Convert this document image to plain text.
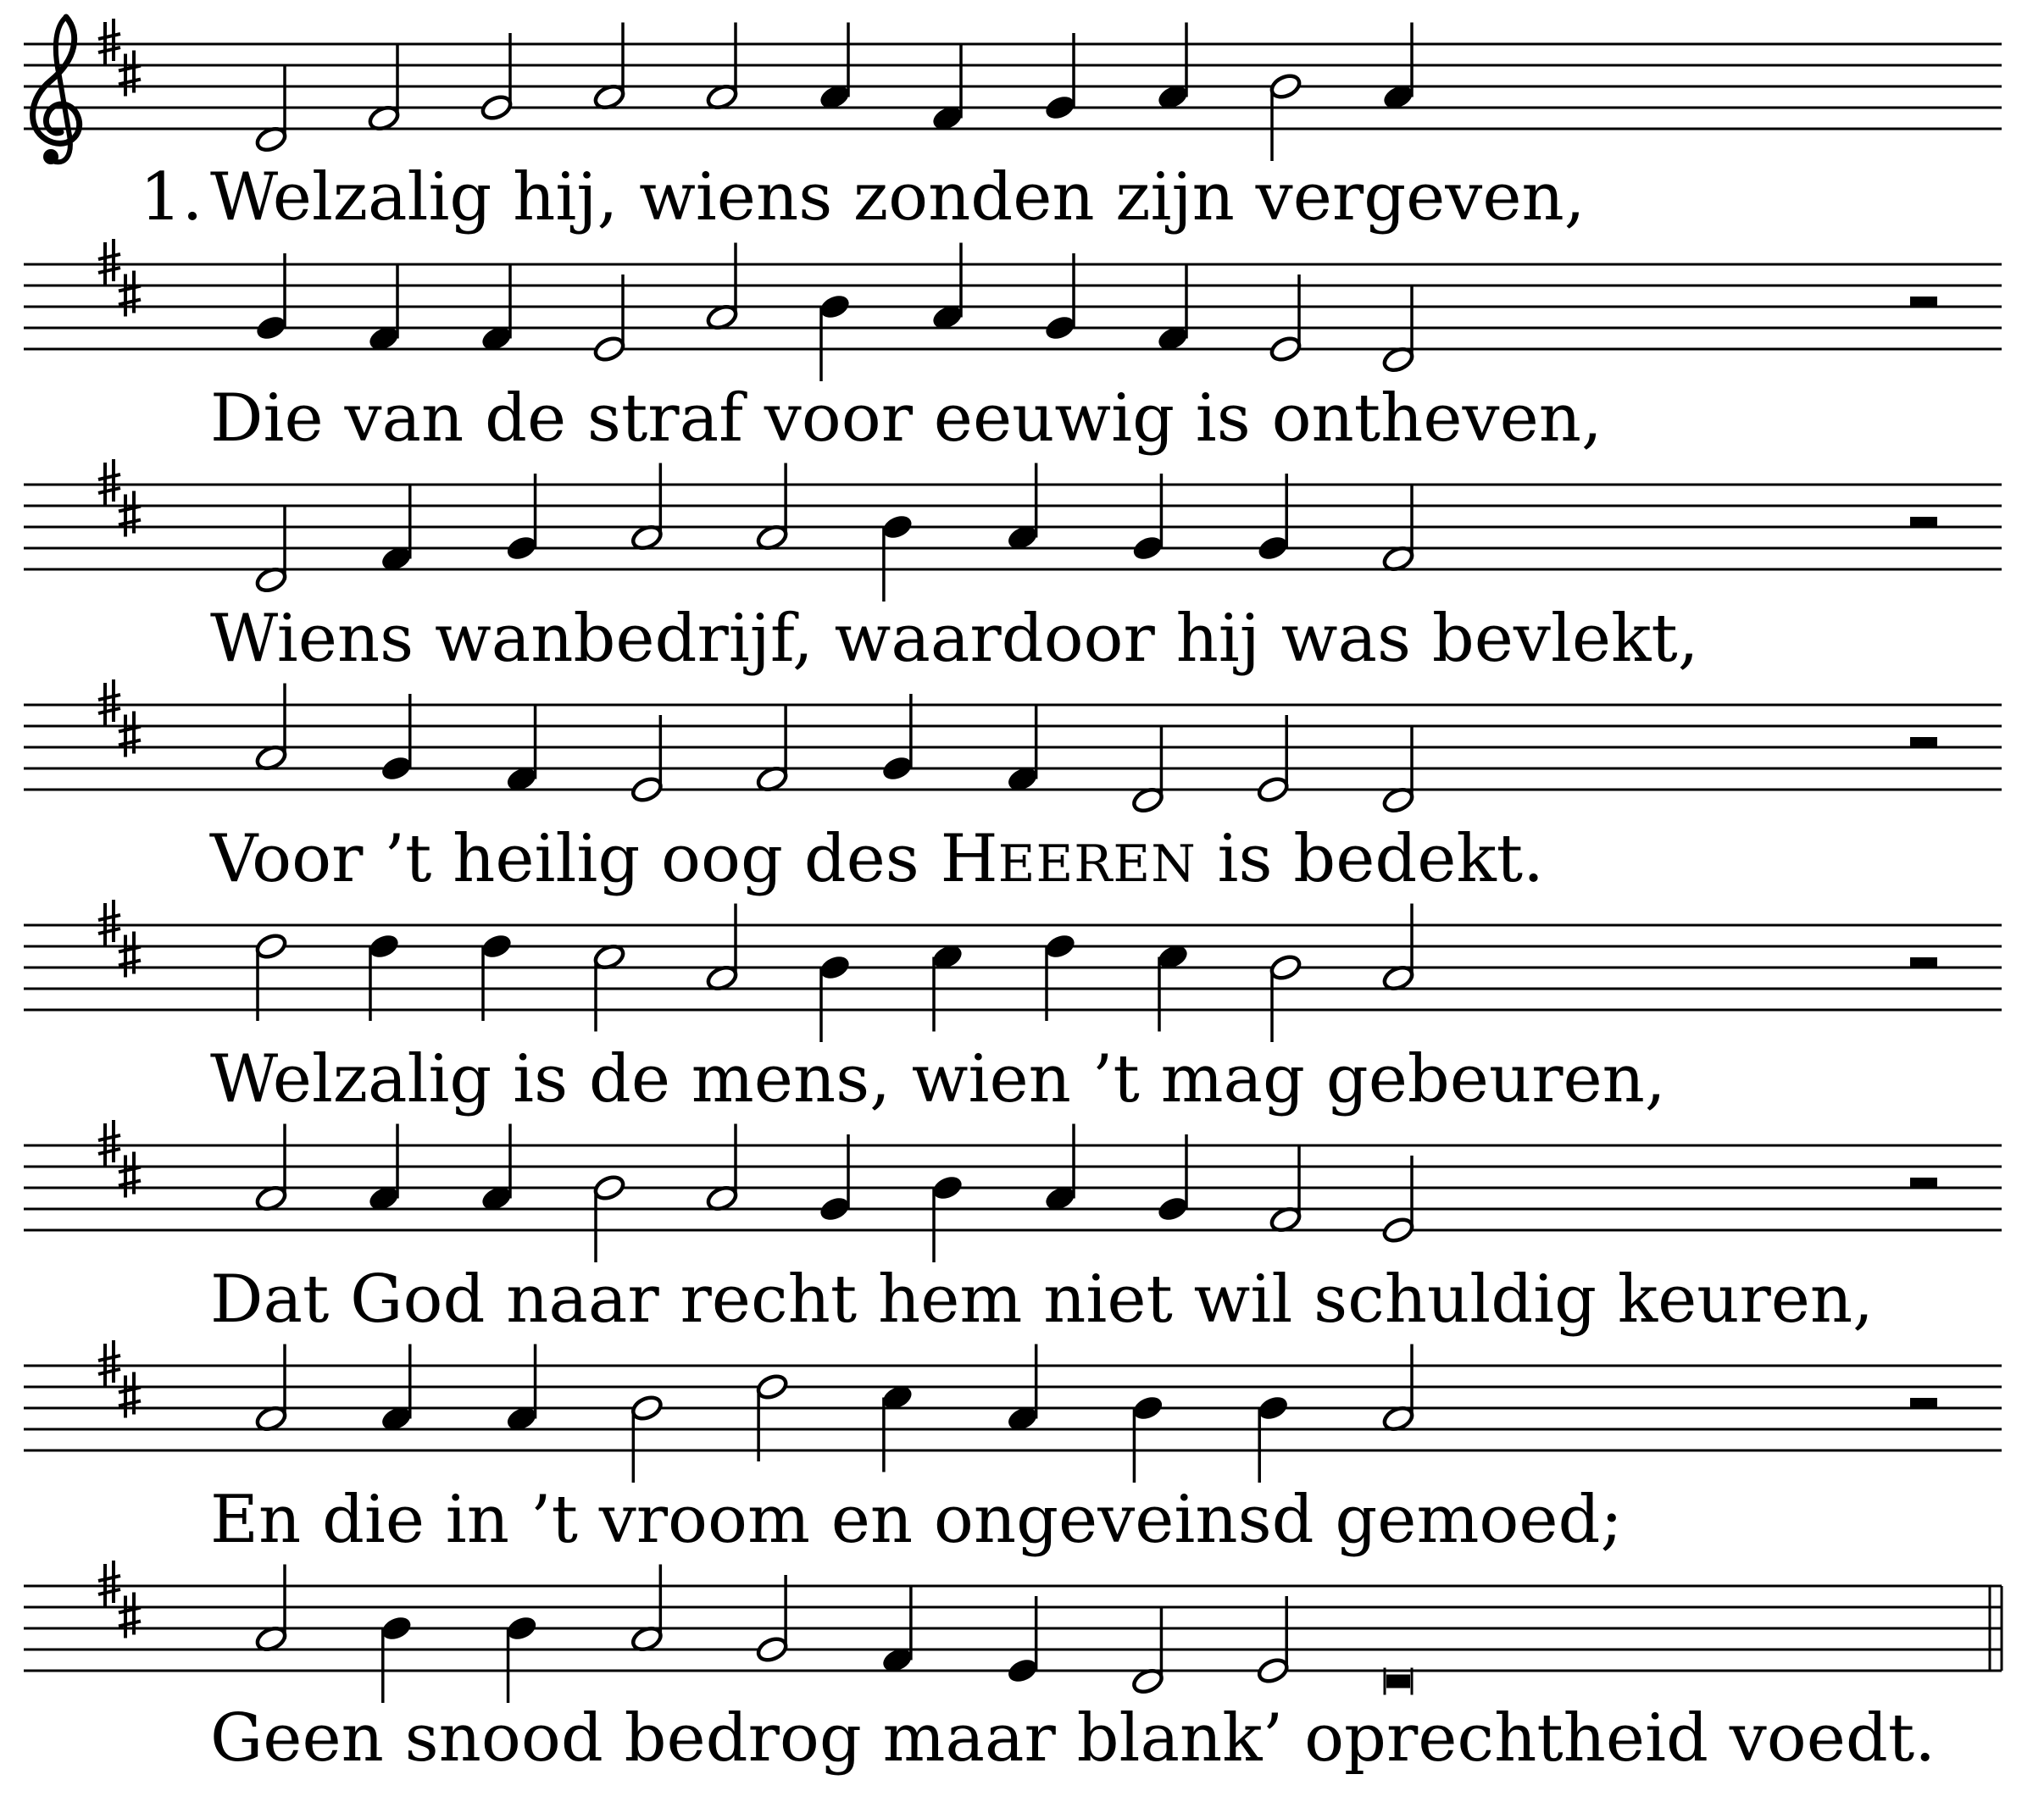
1. Welzalig hij, wiens zonden zijn vergeven,
Die van de straf voor eeuwig is ontheven,
Wiens wanbedrijf, waardoor hij was bevlekt,
Voor ’t heilig oog des HEEREN is bedekt.
Welzalig is de mens, wien ’t mag gebeuren,
Dat God naar recht hem niet wil schuldig keuren,
En die in ’t vroom en ongeveinsd gemoed;
Geen snood bedrog maar blank’ oprechtheid voedt.
